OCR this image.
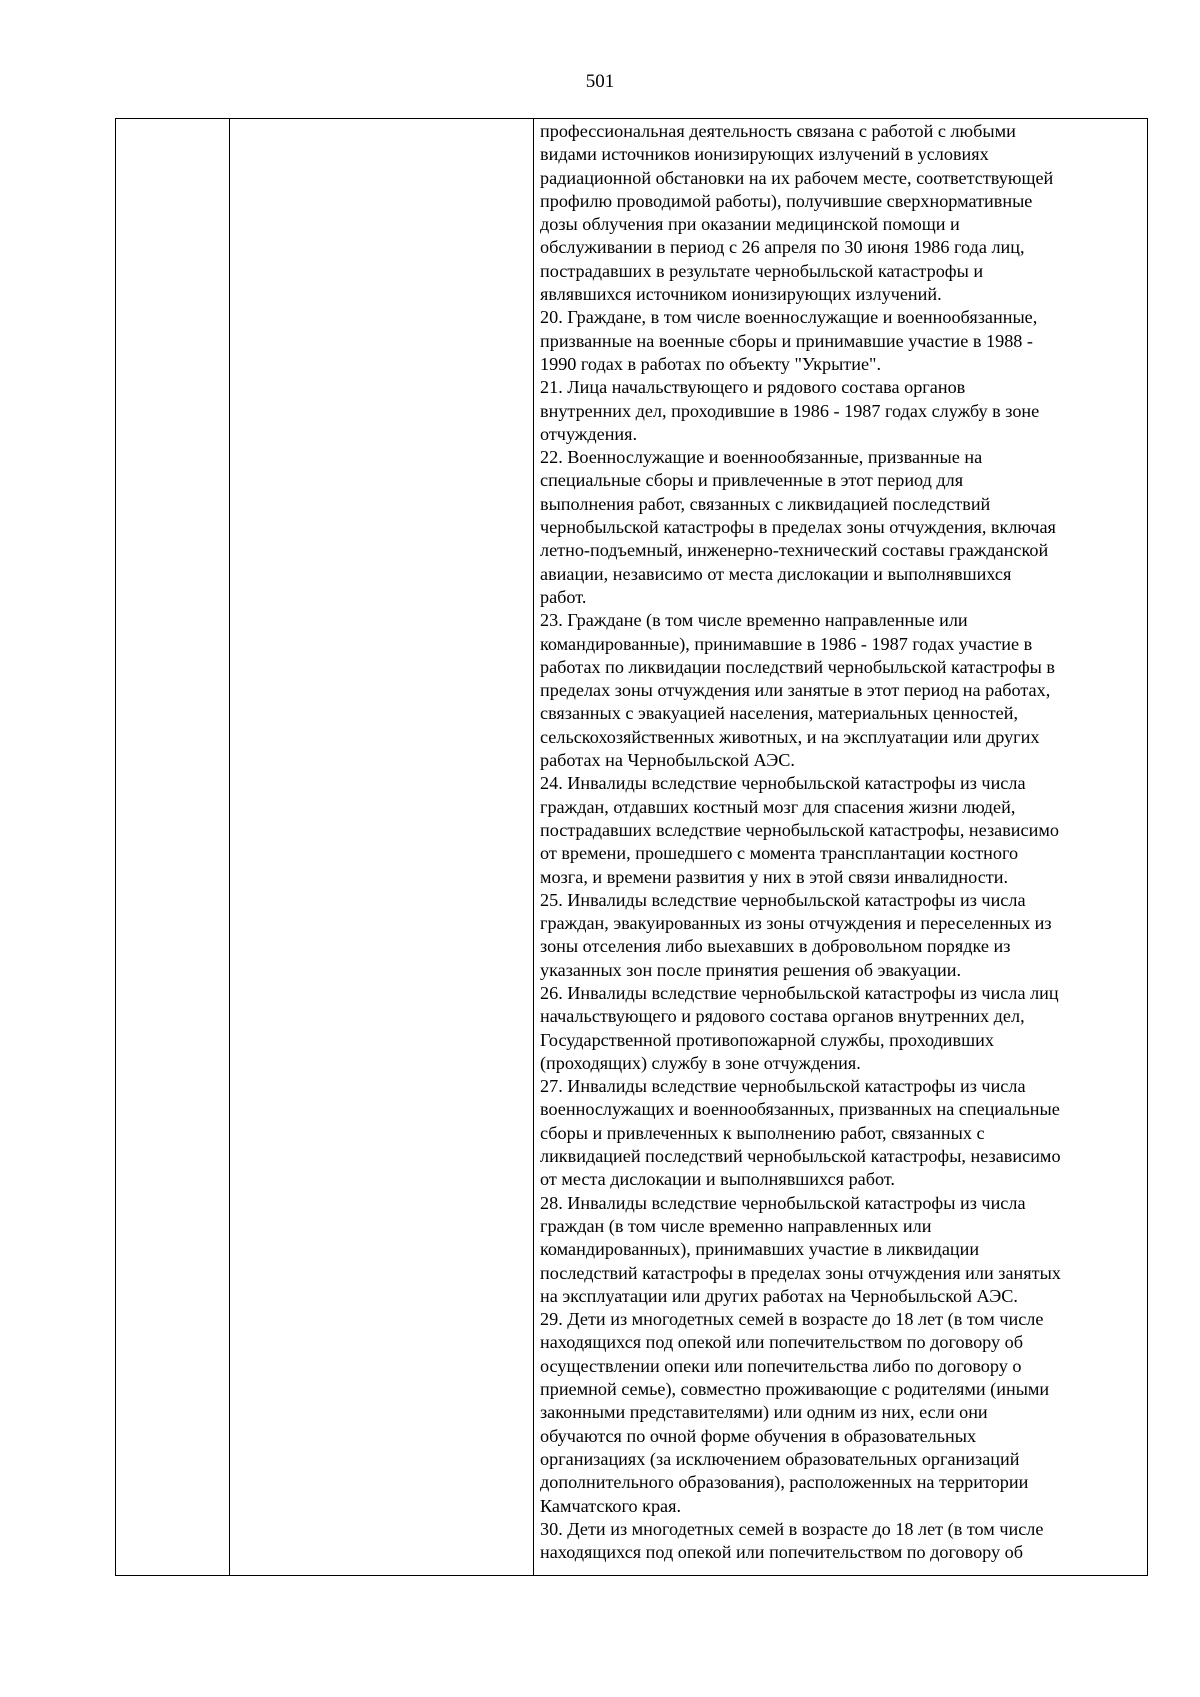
501

профессиональная деятельность связана с работой с любыми
видами источников ионизирующих излучений в условиях
радиационной обстановки на их рабочем месте, соответствующей
профилю проводимой работы), получившие сверхнормативные
дозы облучения при оказании медицинской помощи и
обслуживании в период с 26 апреля по 30 июня 1986 года лиц,
пострадавших в результате чернобыльской катастрофы и
являвшихся источником ионизирующих излучений.
20. Граждане, в том числе военнослужащие и военнообязанные,
призванные на военные сборы и принимавшие участие в 1988 -
1990 годах в работах по объекту "Укрытие".
21. Лица начальствующего и рядового состава органов
внутренних дел, проходившие в 1986 - 1987 годах службу в зоне
отчуждения.
22. Военнослужащие и военнообязанные, призванные на
специальные сборы и привлеченные в этот период для
выполнения работ, связанных с ликвидацией последствий
чернобыльской катастрофы в пределах зоны отчуждения, включая
летно-подъемный, инженерно-технический составы гражданской
авиации, независимо от места дислокации и выполнявшихся
работ.
23. Граждане (в том числе временно направленные или
командированные), принимавшие в 1986 - 1987 годах участие в
работах по ликвидации последствий чернобыльской катастрофы в
пределах зоны отчуждения или занятые в этот период на работах,
связанных с эвакуацией населения, материальных ценностей,
сельскохозяйственных животных, и на эксплуатации или других
работах на Чернобыльской АЭС.
24. Инвалиды вследствие чернобыльской катастрофы из числа
граждан, отдавших костный мозг для спасения жизни людей,
пострадавших вследствие чернобыльской катастрофы, независимо
от времени, прошедшего с момента трансплантации костного
мозга, и времени развития у них в этой связи инвалидности.
25. Инвалиды вследствие чернобыльской катастрофы из числа
граждан, эвакуированных из зоны отчуждения и переселенных из
зоны отселения либо выехавших в добровольном порядке из
указанных зон после принятия решения об эвакуации.
26. Инвалиды вследствие чернобыльской катастрофы из числа лиц
начальствующего и рядового состава органов внутренних дел,
Государственной противопожарной службы, проходивших
(проходящих) службу в зоне отчуждения.
27. Инвалиды вследствие чернобыльской катастрофы из числа
военнослужащих и военнообязанных, призванных на специальные
сборы и привлеченных к выполнению работ, связанных с
ликвидацией последствий чернобыльской катастрофы, независимо
от места дислокации и выполнявшихся работ.
28. Инвалиды вследствие чернобыльской катастрофы из числа
граждан (в том числе временно направленных или
командированных), принимавших участие в ликвидации
последствий катастрофы в пределах зоны отчуждения или занятых
на эксплуатации или других работах на Чернобыльской АЭС.
29. Дети из многодетных семей в возрасте до 18 лет (в том числе
находящихся под опекой или попечительством по договору об
осуществлении опеки или попечительства либо по договору о
приемной семье), совместно проживающие с родителями (иными
законными представителями) или одним из них, если они
обучаются по очной форме обучения в образовательных
организациях (за исключением образовательных организаций
дополнительного образования), расположенных на территории
Камчатского края.
30. Дети из многодетных семей в возрасте до 18 лет (в том числе
находящихся под опекой или попечительством по договору об
